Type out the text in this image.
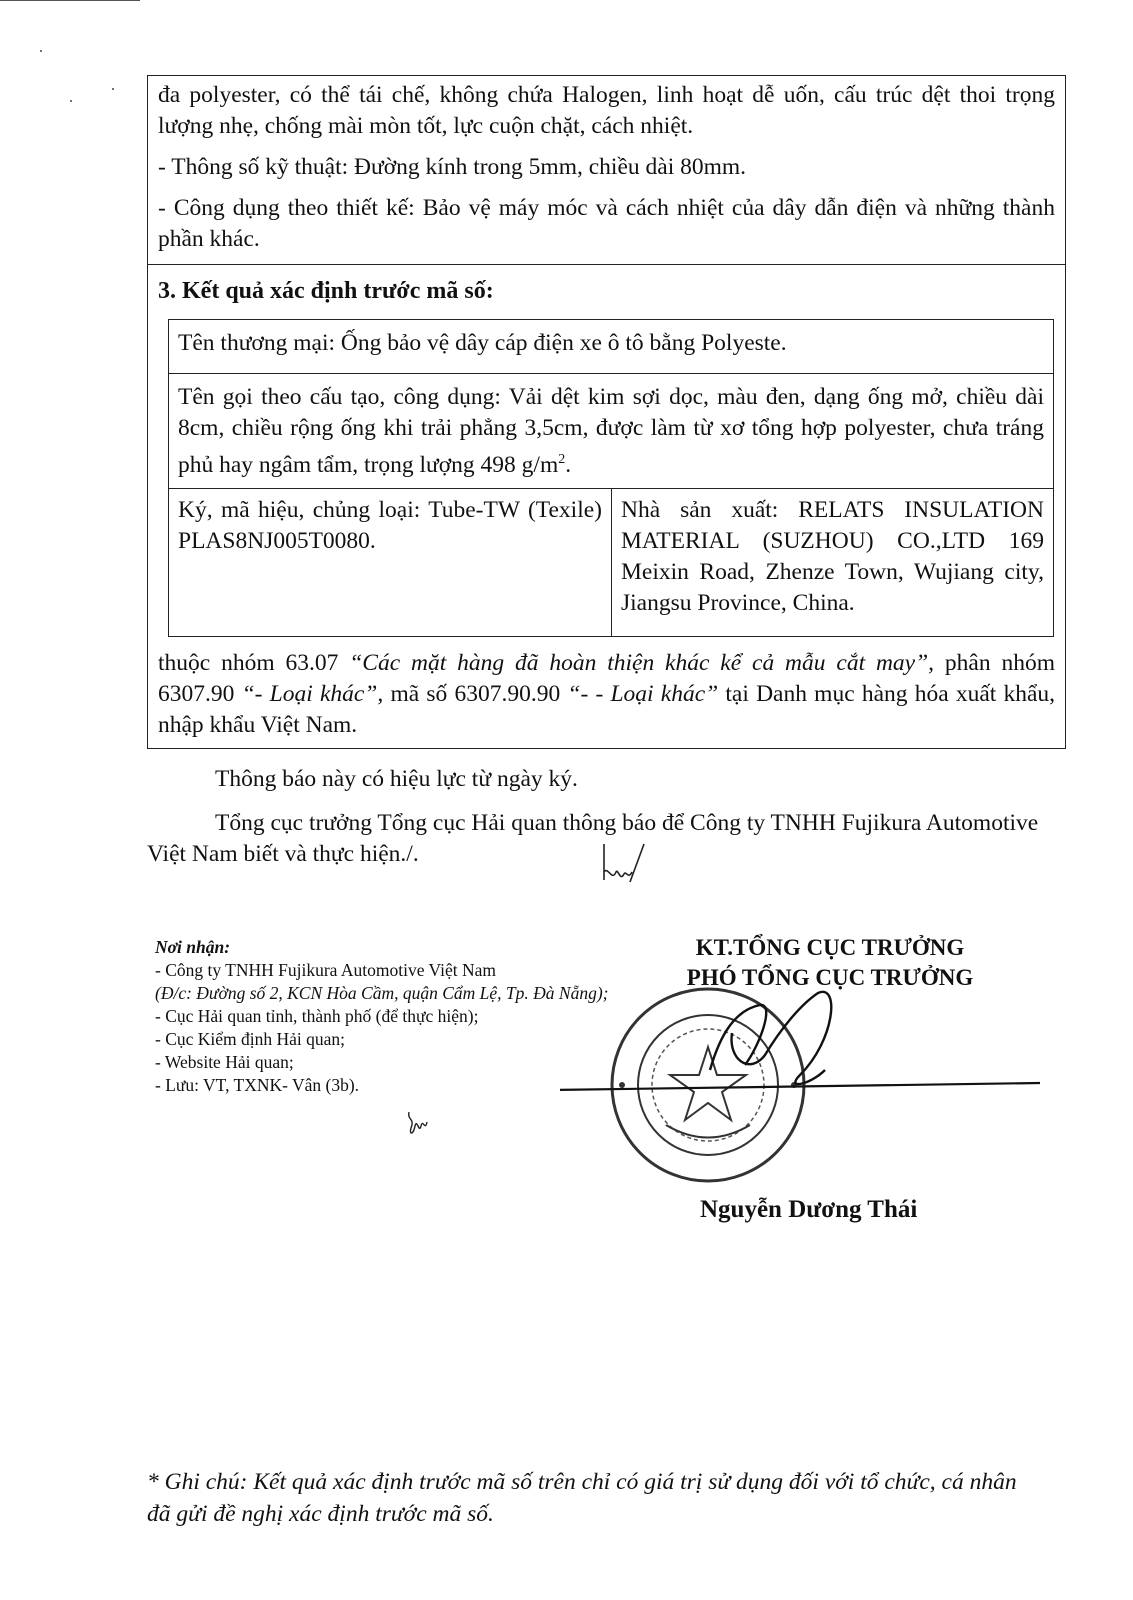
đa polyester, có thể tái chế, không chứa Halogen, linh hoạt dễ uốn, cấu trúc dệt thoi trọng lượng nhẹ, chống mài mòn tốt, lực cuộn chặt, cách nhiệt.

- Thông số kỹ thuật: Đường kính trong 5mm, chiều dài 80mm.

- Công dụng theo thiết kế: Bảo vệ máy móc và cách nhiệt của dây dẫn điện và những thành phần khác.

3. Kết quả xác định trước mã số:
Tên thương mại: Ống bảo vệ dây cáp điện xe ô tô bằng Polyeste.
Tên gọi theo cấu tạo, công dụng: Vải dệt kim sợi dọc, màu đen, dạng ống mở, chiều dài 8cm, chiều rộng ống khi trải phẳng 3,5cm, được làm từ xơ tổng hợp polyester, chưa tráng phủ hay ngâm tẩm, trọng lượng 498 $g/m^2$.
Ký, mã hiệu, chủng loại: Tube-TW (Texile) PLAS8NJ005T0080.
Nhà sản xuất: RELATS INSULATION MATERIAL (SUZHOU) CO.,LTD 169 Meixin Road, Zhenze Town, Wujiang city, Jiangsu Province, China.
thuộc nhóm 63.07 “Các mặt hàng đã hoàn thiện khác kể cả mẫu cắt may”, phân nhóm 6307.90 “- Loại khác”, mã số 6307.90.90 “- - Loại khác” tại Danh mục hàng hóa xuất khẩu, nhập khẩu Việt Nam.
Thông báo này có hiệu lực từ ngày ký.
Tổng cục trưởng Tổng cục Hải quan thông báo để Công ty TNHH Fujikura Automotive Việt Nam biết và thực hiện./.
Nơi nhận:
- Công ty TNHH Fujikura Automotive Việt Nam
(Đ/c: Đường số 2, KCN Hòa Cầm, quận Cẩm Lệ, Tp. Đà Nẵng);
- Cục Hải quan tỉnh, thành phố (để thực hiện);
- Cục Kiểm định Hải quan;
- Website Hải quan;
- Lưu: VT, TXNK- Vân (3b).
KT.TỔNG CỤC TRƯỞNG
PHÓ TỔNG CỤC TRƯỞNG
Nguyễn Dương Thái
* Ghi chú: Kết quả xác định trước mã số trên chỉ có giá trị sử dụng đối với tổ chức, cá nhân đã gửi đề nghị xác định trước mã số.
